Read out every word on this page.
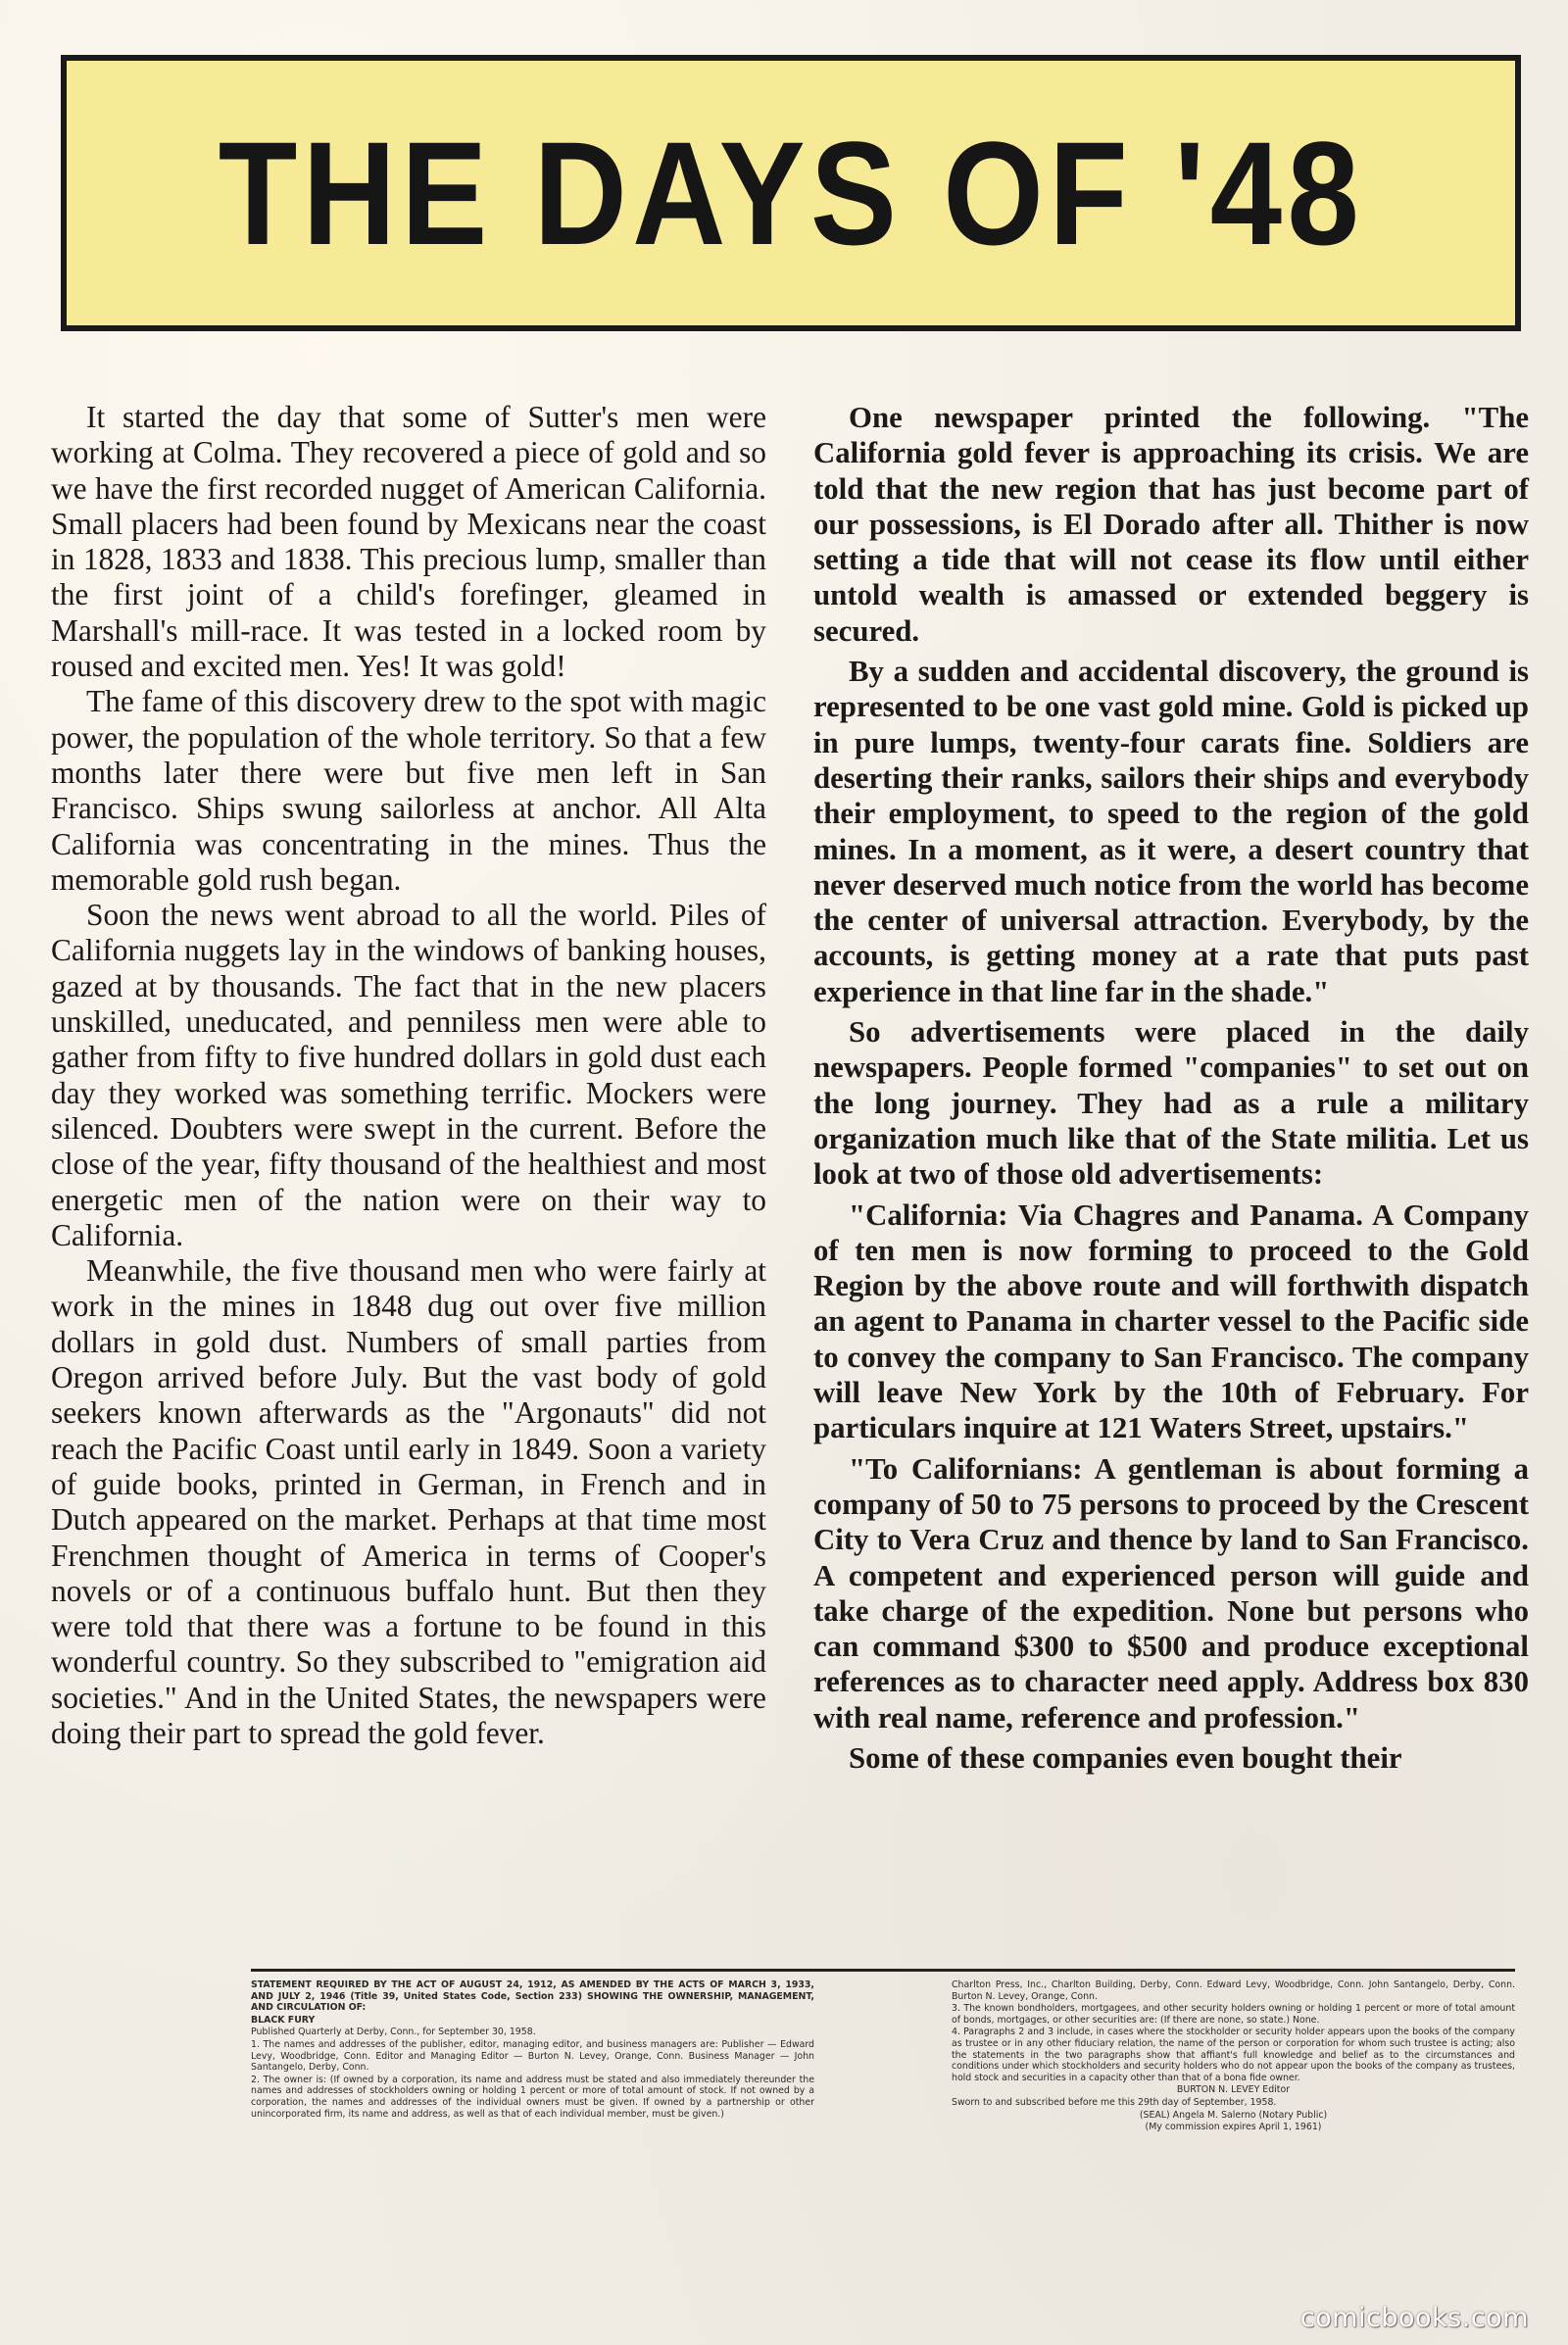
THE DAYS OF '48

It started the day that some of Sutter's men were working at Colma. They recovered a piece of gold and so we have the first recorded nugget of American California. Small placers had been found by Mexicans near the coast in 1828, 1833 and 1838. This precious lump, smaller than the first joint of a child's forefinger, gleamed in Marshall's mill-race. It was tested in a locked room by roused and excited men. Yes! It was gold!

The fame of this discovery drew to the spot with magic power, the population of the whole territory. So that a few months later there were but five men left in San Francisco. Ships swung sailorless at anchor. All Alta California was concentrating in the mines. Thus the memorable gold rush began.

Soon the news went abroad to all the world. Piles of California nuggets lay in the windows of banking houses, gazed at by thousands. The fact that in the new placers unskilled, uneducated, and penniless men were able to gather from fifty to five hundred dollars in gold dust each day they worked was something terrific. Mockers were silenced. Doubters were swept in the current. Before the close of the year, fifty thousand of the healthiest and most energetic men of the nation were on their way to California.

Meanwhile, the five thousand men who were fairly at work in the mines in 1848 dug out over five million dollars in gold dust. Numbers of small parties from Oregon arrived before July. But the vast body of gold seekers known afterwards as the "Argonauts" did not reach the Pacific Coast until early in 1849. Soon a variety of guide books, printed in German, in French and in Dutch appeared on the market. Perhaps at that time most Frenchmen thought of America in terms of Cooper's novels or of a continuous buffalo hunt. But then they were told that there was a fortune to be found in this wonderful country. So they subscribed to "emigration aid societies." And in the United States, the newspapers were doing their part to spread the gold fever.

One newspaper printed the following. "The California gold fever is approaching its crisis. We are told that the new region that has just become part of our possessions, is El Dorado after all. Thither is now setting a tide that will not cease its flow until either untold wealth is amassed or extended beggery is secured.

By a sudden and accidental discovery, the ground is represented to be one vast gold mine. Gold is picked up in pure lumps, twenty-four carats fine. Soldiers are deserting their ranks, sailors their ships and everybody their employment, to speed to the region of the gold mines. In a moment, as it were, a desert country that never deserved much notice from the world has become the center of universal attraction. Everybody, by the accounts, is getting money at a rate that puts past experience in that line far in the shade."

So advertisements were placed in the daily newspapers. People formed "companies" to set out on the long journey. They had as a rule a military organization much like that of the State militia. Let us look at two of those old advertisements:

"California: Via Chagres and Panama. A Company of ten men is now forming to proceed to the Gold Region by the above route and will forthwith dispatch an agent to Panama in charter vessel to the Pacific side to convey the company to San Francisco. The company will leave New York by the 10th of February. For particulars inquire at 121 Waters Street, upstairs."

"To Californians: A gentleman is about forming a company of 50 to 75 persons to proceed by the Crescent City to Vera Cruz and thence by land to San Francisco. A competent and experienced person will guide and take charge of the expedition. None but persons who can command $300 to $500 and produce exceptional references as to character need apply. Address box 830 with real name, reference and profession."

Some of these companies even bought their

STATEMENT REQUIRED BY THE ACT OF AUGUST 24, 1912, AS AMENDED BY THE ACTS OF MARCH 3, 1933, AND JULY 2, 1946 (Title 39, United States Code, Section 233) SHOWING THE OWNERSHIP, MANAGEMENT, AND CIRCULATION OF:
BLACK FURY
Published Quarterly at Derby, Conn., for September 30, 1958.
1. The names and addresses of the publisher, editor, managing editor, and business managers are: Publisher — Edward Levy, Woodbridge, Conn. Editor and Managing Editor — Burton N. Levey, Orange, Conn. Business Manager — John Santangelo, Derby, Conn.
2. The owner is: (If owned by a corporation, its name and address must be stated and also immediately thereunder the names and addresses of stockholders owning or holding 1 percent or more of total amount of stock. If not owned by a corporation, the names and addresses of the individual owners must be given. If owned by a partnership or other unincorporated firm, its name and address, as well as that of each individual member, must be given.)
Charlton Press, Inc., Charlton Building, Derby, Conn. Edward Levy, Woodbridge, Conn. John Santangelo, Derby, Conn. Burton N. Levey, Orange, Conn.
3. The known bondholders, mortgagees, and other security holders owning or holding 1 percent or more of total amount of bonds, mortgages, or other securities are: (If there are none, so state.) None.
4. Paragraphs 2 and 3 include, in cases where the stockholder or security holder appears upon the books of the company as trustee or in any other fiduciary relation, the name of the person or corporation for whom such trustee is acting; also the statements in the two paragraphs show that affiant's full knowledge and belief as to the circumstances and conditions under which stockholders and security holders who do not appear upon the books of the company as trustees, hold stock and securities in a capacity other than that of a bona fide owner.
BURTON N. LEVEY Editor
Sworn to and subscribed before me this 29th day of September, 1958.
(SEAL) Angela M. Salerno (Notary Public)
(My commission expires April 1, 1961)
comicbooks.com
